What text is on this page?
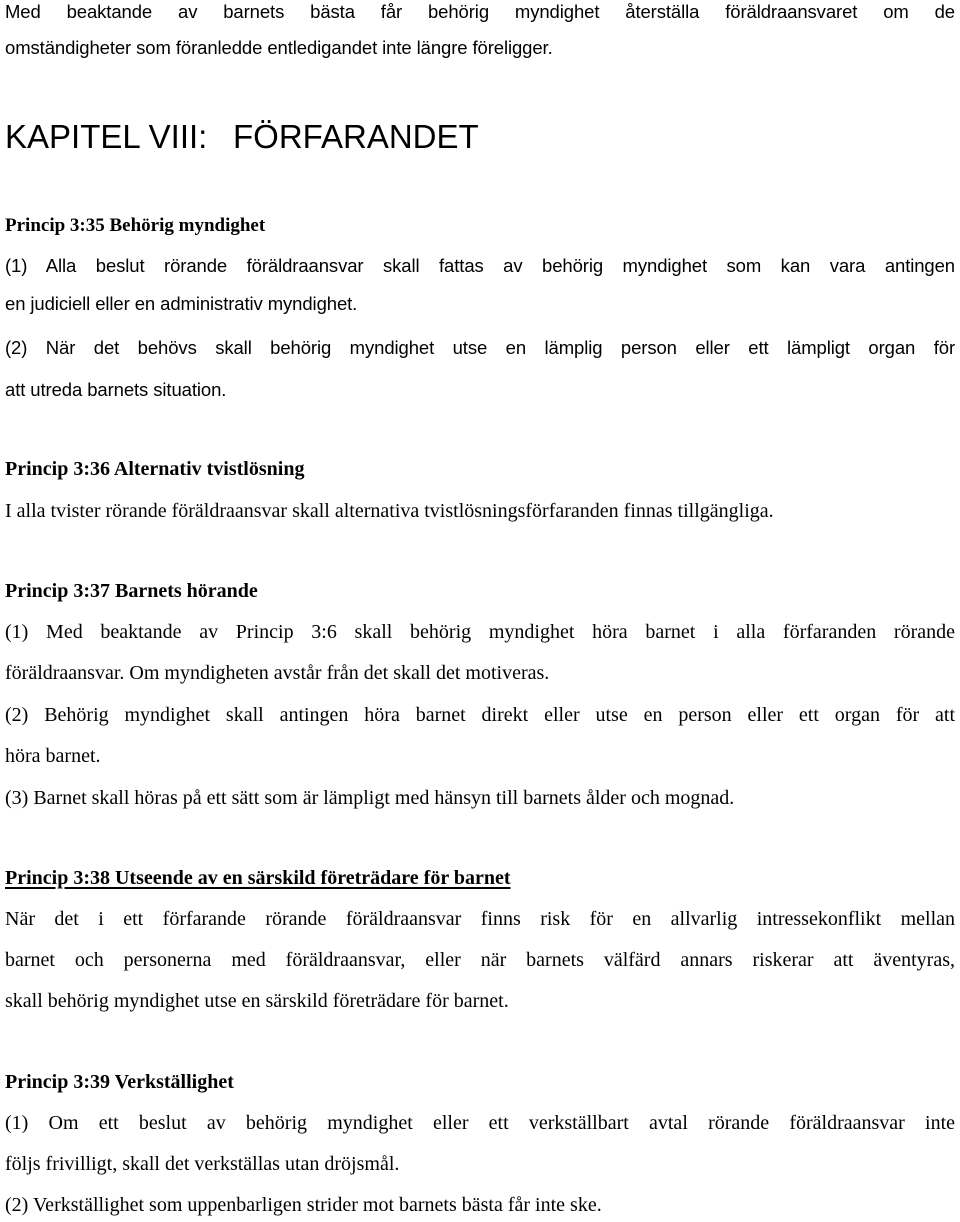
Med beaktande av barnets bästa får behörig myndighet återställa föräldraansvaret om de
omständigheter som föranledde entledigandet inte längre föreligger.
KAPITEL VIII: FÖRFARANDET
Princip 3:35 Behörig myndighet
(1) Alla beslut rörande föräldraansvar skall fattas av behörig myndighet som kan vara antingen
en judiciell eller en administrativ myndighet.
(2) När det behövs skall behörig myndighet utse en lämplig person eller ett lämpligt organ för
att utreda barnets situation.
Princip 3:36 Alternativ tvistlösning
I alla tvister rörande föräldraansvar skall alternativa tvistlösningsförfaranden finnas tillgängliga.
Princip 3:37 Barnets hörande
(1) Med beaktande av Princip 3:6 skall behörig myndighet höra barnet i alla förfaranden rörande
föräldraansvar. Om myndigheten avstår från det skall det motiveras.
(2) Behörig myndighet skall antingen höra barnet direkt eller utse en person eller ett organ för att
höra barnet.
(3) Barnet skall höras på ett sätt som är lämpligt med hänsyn till barnets ålder och mognad.
Princip 3:38 Utseende av en särskild företrädare för barnet
När det i ett förfarande rörande föräldraansvar finns risk för en allvarlig intressekonflikt mellan
barnet och personerna med föräldraansvar, eller när barnets välfärd annars riskerar att äventyras,
skall behörig myndighet utse en särskild företrädare för barnet.
Princip 3:39 Verkställighet
(1) Om ett beslut av behörig myndighet eller ett verkställbart avtal rörande föräldraansvar inte
följs frivilligt, skall det verkställas utan dröjsmål.
(2) Verkställighet som uppenbarligen strider mot barnets bästa får inte ske.
